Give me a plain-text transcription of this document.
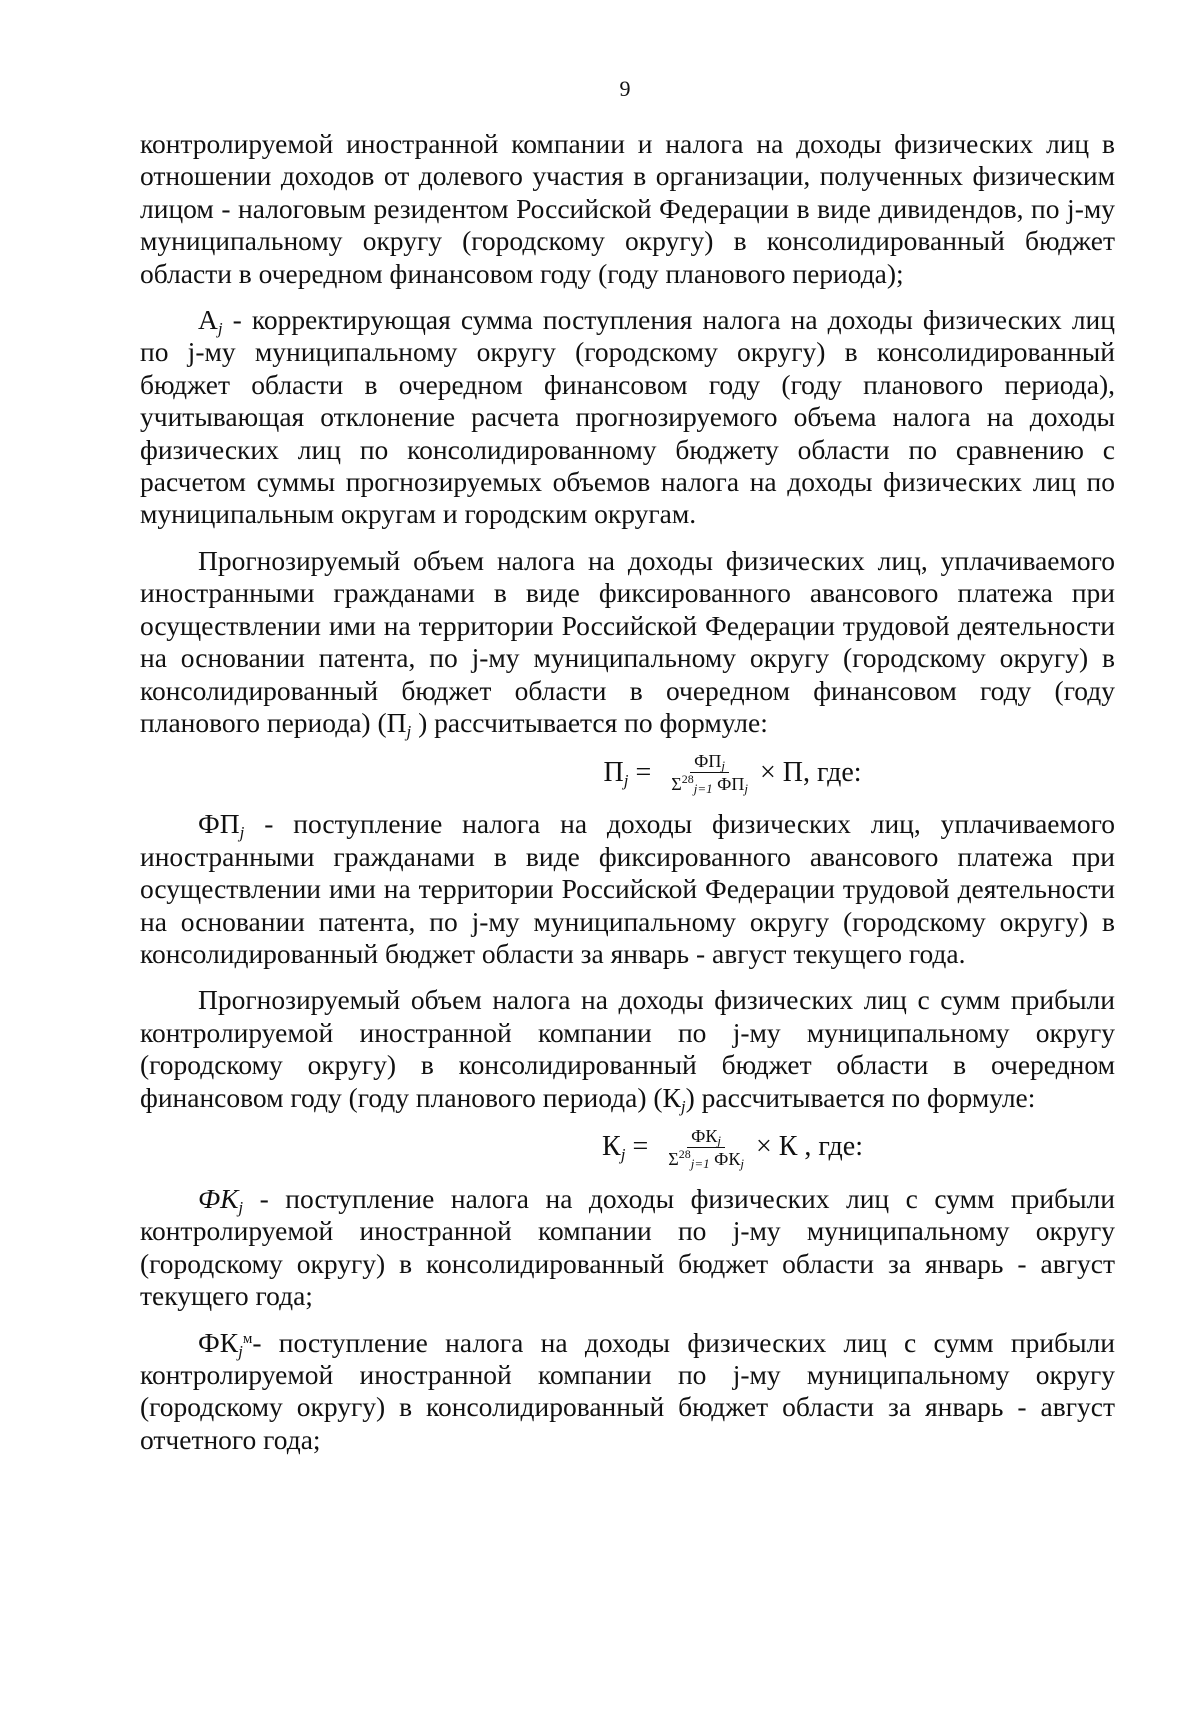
9

контролируемой иностранной компании и налога на доходы физических лиц в отношении доходов от долевого участия в организации, полученных физическим лицом - налоговым резидентом Российской Федерации в виде дивидендов, по j-му муниципальному округу (городскому округу) в консолидированный бюджет области в очередном финансовом году (году планового периода);

$A_j$ - корректирующая сумма поступления налога на доходы физических лиц по j-му муниципальному округу (городскому округу) в консолидированный бюджет области в очередном финансовом году (году планового периода), учитывающая отклонение расчета прогнозируемого объема налога на доходы физических лиц по консолидированному бюджету области по сравнению с расчетом суммы прогнозируемых объемов налога на доходы физических лиц по муниципальным округам и городским округам.

Прогнозируемый объем налога на доходы физических лиц, уплачиваемого иностранными гражданами в виде фиксированного авансового платежа при осуществлении ими на территории Российской Федерации трудовой деятельности на основании патента, по j-му муниципальному округу (городскому округу) в консолидированный бюджет области в очередном финансовом году (году планового периода) ($П_j$ ) рассчитывается по формуле:

$П_j = \frac{ФП_j}{\Sigma^{28}_{j=1} ФП_j} \times П$, где:

$ФП_j$ - поступление налога на доходы физических лиц, уплачиваемого иностранными гражданами в виде фиксированного авансового платежа при осуществлении ими на территории Российской Федерации трудовой деятельности на основании патента, по j-му муниципальному округу (городскому округу) в консолидированный бюджет области за январь - август текущего года.

Прогнозируемый объем налога на доходы физических лиц с сумм прибыли контролируемой иностранной компании по j-му муниципальному округу (городскому округу) в консолидированный бюджет области в очередном финансовом году (году планового периода) $(К_j)$ рассчитывается по формуле:

$К_j = \frac{ФК_j}{\Sigma^{28}_{j=1} ФК_j} \times К$ , где:

$ФК_j$ - поступление налога на доходы физических лиц с сумм прибыли контролируемой иностранной компании по j-му муниципальному округу (городскому округу) в консолидированный бюджет области за январь - август текущего года;

$ФК_j^м-$ поступление налога на доходы физических лиц с сумм прибыли контролируемой иностранной компании по j-му муниципальному округу (городскому округу) в консолидированный бюджет области за январь - август отчетного года;
